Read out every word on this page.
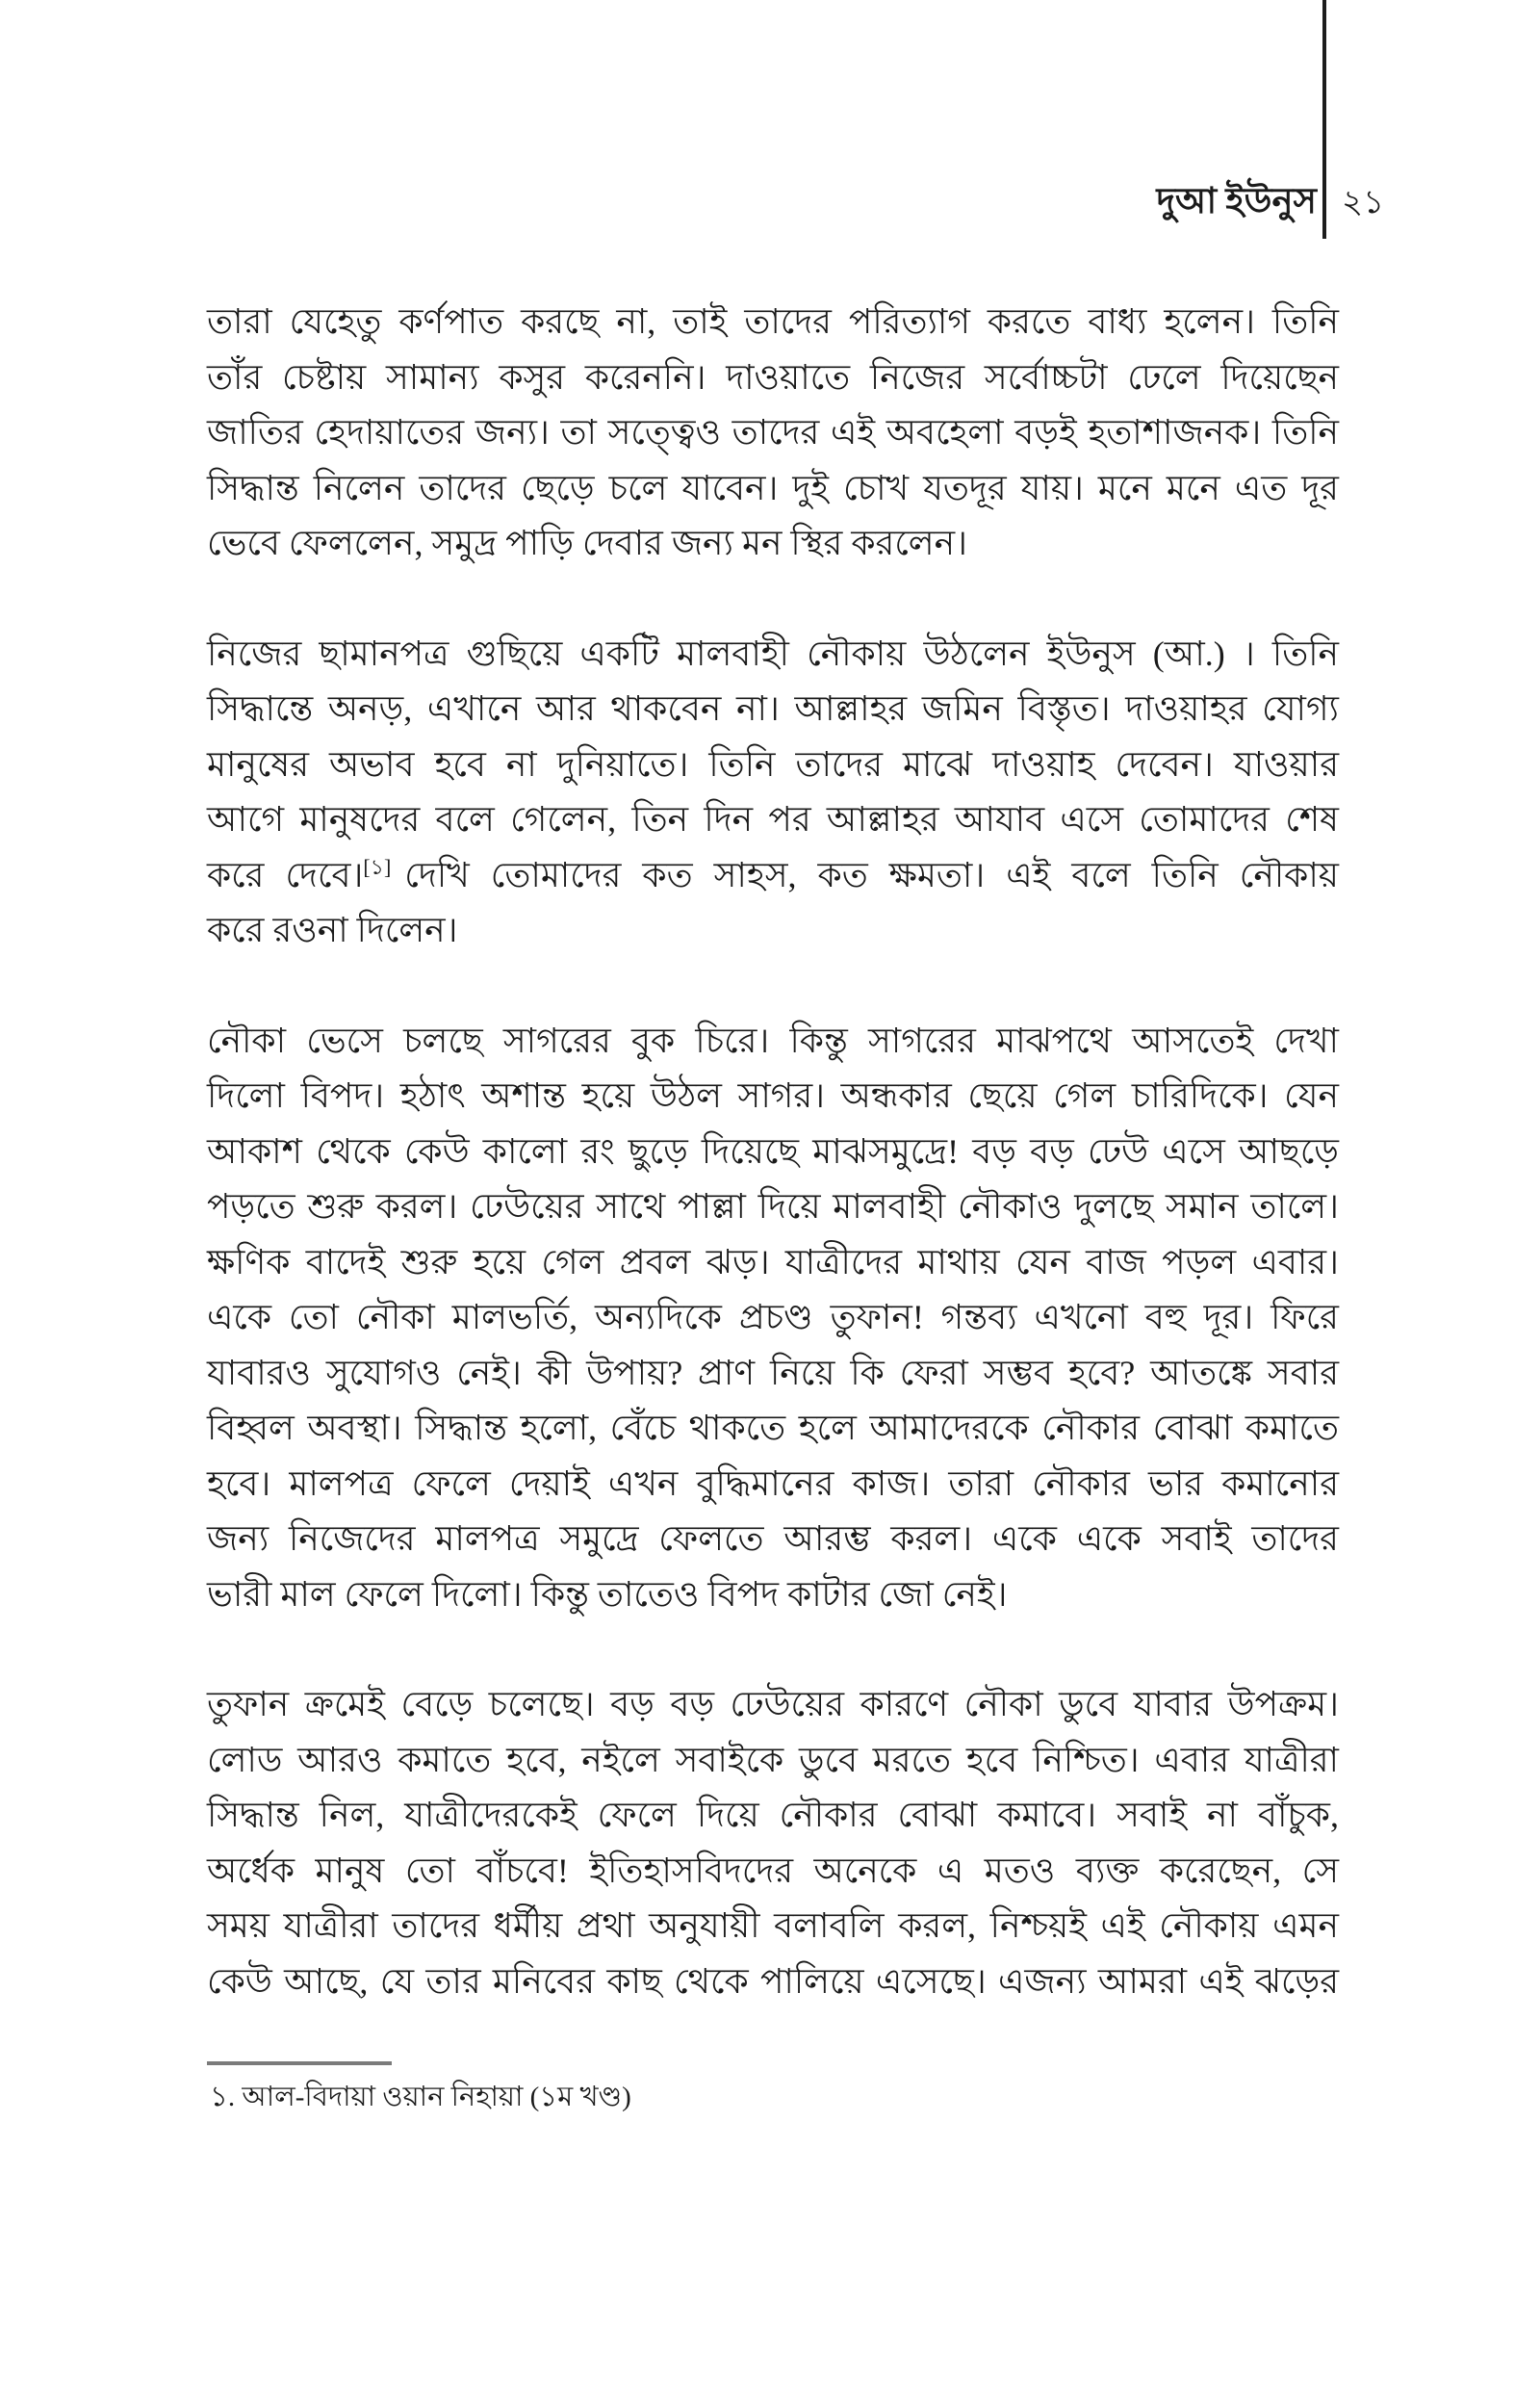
দুআ ইউনুস ২১
তারা যেহেতু কর্ণপাত করছে না, তাই তাদের পরিত্যাগ করতে বাধ্য হলেন। তিনি
তাঁর চেষ্টায় সামান্য কসুর করেননি। দাওয়াতে নিজের সর্বোচ্চটা ঢেলে দিয়েছেন
জাতির হেদায়াতের জন্য। তা সত্ত্বেও তাদের এই অবহেলা বড়ই হতাশাজনক। তিনি
সিদ্ধান্ত নিলেন তাদের ছেড়ে চলে যাবেন। দুই চোখ যতদূর যায়। মনে মনে এত দূর
ভেবে ফেললেন, সমুদ্র পাড়ি দেবার জন্য মন স্থির করলেন।
নিজের ছামানপত্র গুছিয়ে একটি মালবাহী নৌকায় উঠলেন ইউনুস (আ.) । তিনি
সিদ্ধান্তে অনড়, এখানে আর থাকবেন না। আল্লাহর জমিন বিস্তৃত। দাওয়াহর যোগ্য
মানুষের অভাব হবে না দুনিয়াতে। তিনি তাদের মাঝে দাওয়াহ দেবেন। যাওয়ার
আগে মানুষদের বলে গেলেন, তিন দিন পর আল্লাহর আযাব এসে তোমাদের শেষ
করে দেবে।[১] দেখি তোমাদের কত সাহস, কত ক্ষমতা। এই বলে তিনি নৌকায়
করে রওনা দিলেন।
নৌকা ভেসে চলছে সাগরের বুক চিরে। কিন্তু সাগরের মাঝপথে আসতেই দেখা
দিলো বিপদ। হঠাৎ অশান্ত হয়ে উঠল সাগর। অন্ধকার ছেয়ে গেল চারিদিকে। যেন
আকাশ থেকে কেউ কালো রং ছুড়ে দিয়েছে মাঝসমুদ্রে! বড় বড় ঢেউ এসে আছড়ে
পড়তে শুরু করল। ঢেউয়ের সাথে পাল্লা দিয়ে মালবাহী নৌকাও দুলছে সমান তালে।
ক্ষণিক বাদেই শুরু হয়ে গেল প্রবল ঝড়। যাত্রীদের মাথায় যেন বাজ পড়ল এবার।
একে তো নৌকা মালভর্তি, অন্যদিকে প্রচণ্ড তুফান! গন্তব্য এখনো বহু দূর। ফিরে
যাবারও সুযোগও নেই। কী উপায়? প্রাণ নিয়ে কি ফেরা সম্ভব হবে? আতঙ্কে সবার
বিহ্বল অবস্থা। সিদ্ধান্ত হলো, বেঁচে থাকতে হলে আমাদেরকে নৌকার বোঝা কমাতে
হবে। মালপত্র ফেলে দেয়াই এখন বুদ্ধিমানের কাজ। তারা নৌকার ভার কমানোর
জন্য নিজেদের মালপত্র সমুদ্রে ফেলতে আরম্ভ করল। একে একে সবাই তাদের
ভারী মাল ফেলে দিলো। কিন্তু তাতেও বিপদ কাটার জো নেই।
তুফান ক্রমেই বেড়ে চলেছে। বড় বড় ঢেউয়ের কারণে নৌকা ডুবে যাবার উপক্রম।
লোড আরও কমাতে হবে, নইলে সবাইকে ডুবে মরতে হবে নিশ্চিত। এবার যাত্রীরা
সিদ্ধান্ত নিল, যাত্রীদেরকেই ফেলে দিয়ে নৌকার বোঝা কমাবে। সবাই না বাঁচুক,
অর্ধেক মানুষ তো বাঁচবে! ইতিহাসবিদদের অনেকে এ মতও ব্যক্ত করেছেন, সে
সময় যাত্রীরা তাদের ধর্মীয় প্রথা অনুযায়ী বলাবলি করল, নিশ্চয়ই এই নৌকায় এমন
কেউ আছে, যে তার মনিবের কাছ থেকে পালিয়ে এসেছে। এজন্য আমরা এই ঝড়ের
১. আল-বিদায়া ওয়ান নিহায়া (১ম খণ্ড)
